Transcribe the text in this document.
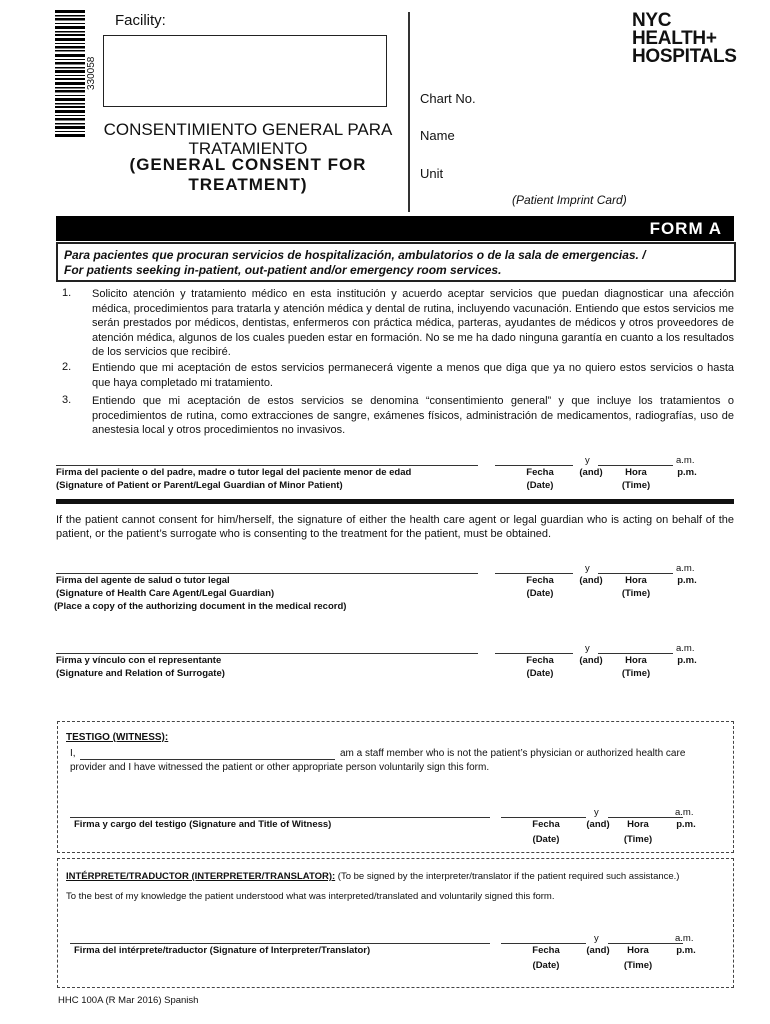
330058
Facility:
CONSENTIMIENTO GENERAL PARA
TRATAMIENTO
(GENERAL CONSENT FOR
TREATMENT)
NYC
HEALTH+
HOSPITALS
Chart No.
Name
Unit
(Patient Imprint Card)
FORM A
Para pacientes que procuran servicios de hospitalización, ambulatorios o de la sala de emergencias. /
For patients seeking in-patient, out-patient and/or emergency room services.
1. Solicito atención y tratamiento médico en esta institución y acuerdo aceptar servicios que puedan diagnosticar una afección médica, procedimientos para tratarla y atención médica y dental de rutina, incluyendo vacunación. Entiendo que estos servicios me serán prestados por médicos, dentistas, enfermeros con práctica médica, parteras, ayudantes de médicos y otros proveedores de atención médica, algunos de los cuales pueden estar en formación. No se me ha dado ninguna garantía en cuanto a los resultados de los servicios que recibiré.
2. Entiendo que mi aceptación de estos servicios permanecerá vigente a menos que diga que ya no quiero estos servicios o hasta que haya completado mi tratamiento.
3. Entiendo que mi aceptación de estos servicios se denomina “consentimiento general” y que incluye los tratamientos o procedimientos de rutina, como extracciones de sangre, exámenes físicos, administración de medicamentos, radiografías, uso de anestesia local y otros procedimientos no invasivos.
y	a.m.
Firma del paciente o del padre, madre o tutor legal del paciente menor de edad
(Signature of Patient or Parent/Legal Guardian of Minor Patient)
Fecha
(Date)
(and)	Hora
(Time)
p.m.
If the patient cannot consent for him/herself, the signature of either the health care agent or legal guardian who is acting on behalf of the patient, or the patient’s surrogate who is consenting to the treatment for the patient, must be obtained.
y	a.m.
Firma del agente de salud o tutor legal
(Signature of Health Care Agent/Legal Guardian)
(Place a copy of the authorizing document in the medical record)
Fecha
(Date)
(and)	Hora
(Time)
p.m.
y	a.m.
Firma y vínculo con el representante
(Signature and Relation of Surrogate)
Fecha
(Date)
(and)	Hora
(Time)
p.m.
TESTIGO (WITNESS):
I,	am a staff member who is not the patient’s physician or authorized health care
provider and I have witnessed the patient or other appropriate person voluntarily sign this form.
y	a.m.
Firma y cargo del testigo (Signature and Title of Witness)	Fecha
(Date)
(and)	Hora
(Time)
p.m.
INTÉRPRETE/TRADUCTOR (INTERPRETER/TRANSLATOR): (To be signed by the interpreter/translator if the patient required such assistance.)
To the best of my knowledge the patient understood what was interpreted/translated and voluntarily signed this form.
y	a.m.
Firma del intérprete/traductor (Signature of Interpreter/Translator)	Fecha
(Date)
(and)	Hora
(Time)
p.m.
HHC 100A (R Mar 2016) Spanish
